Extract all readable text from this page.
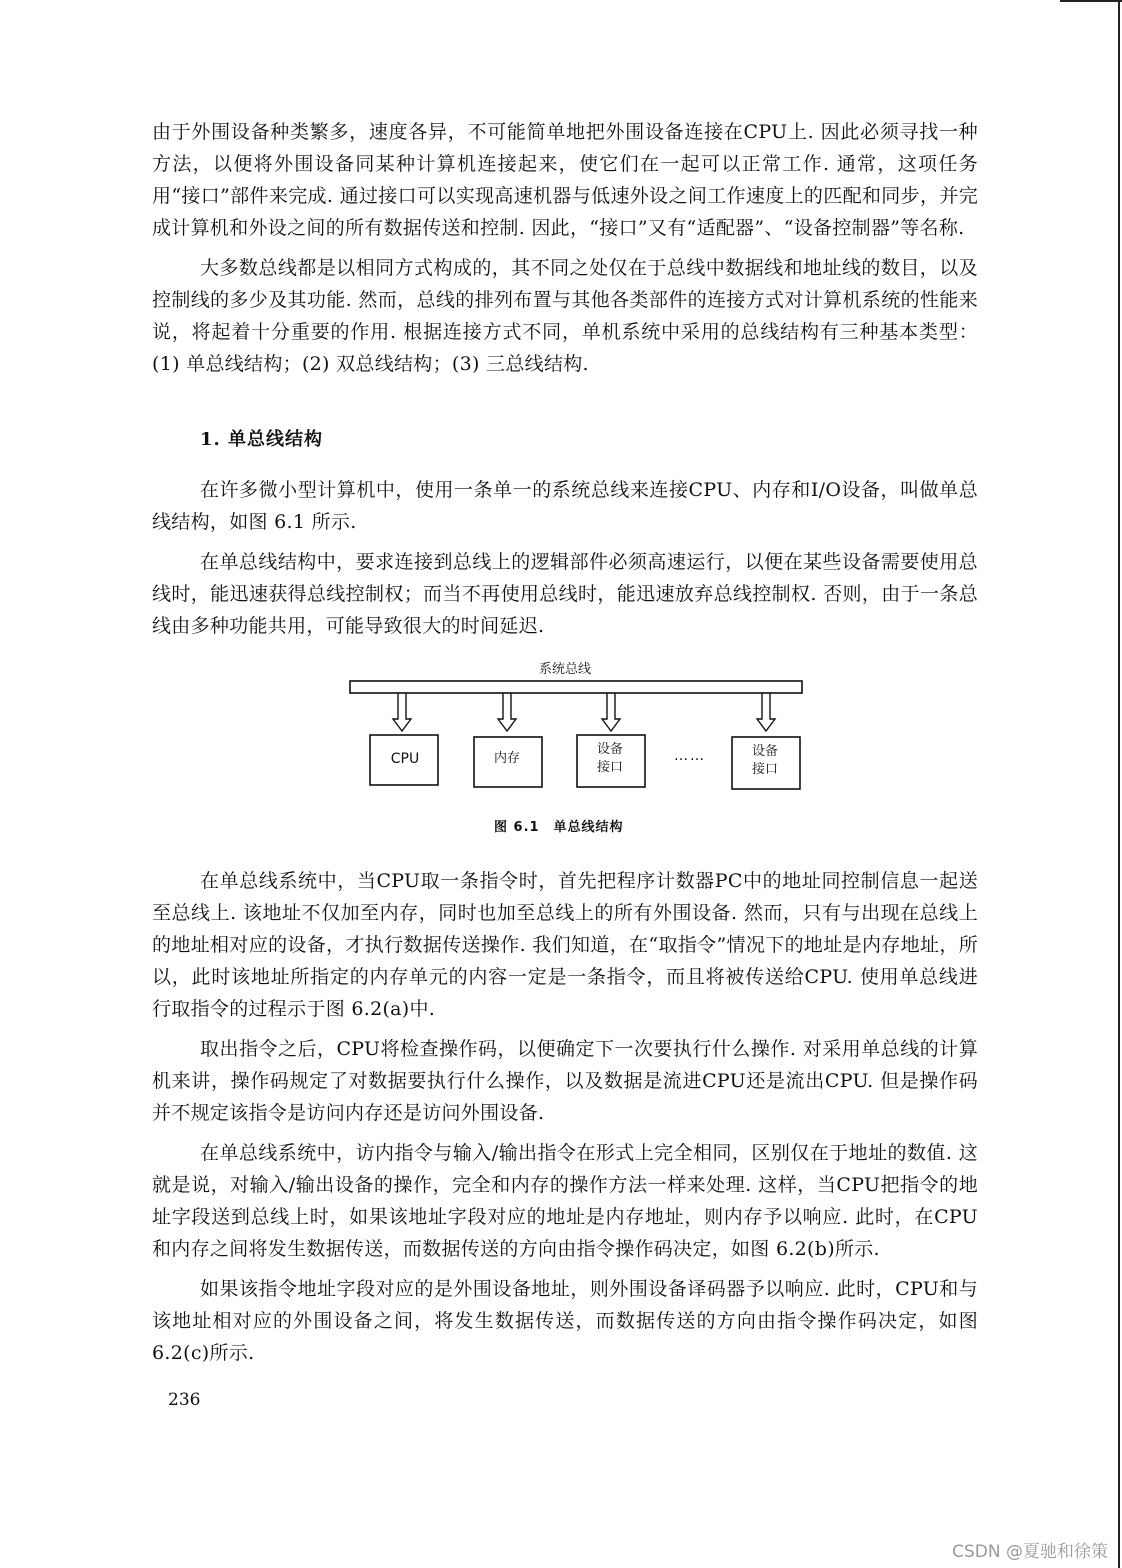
由于外围设备种类繁多，速度各异，不可能简单地把外围设备连接在CPU上. 因此必须寻找一种方法，以便将外围设备同某种计算机连接起来，使它们在一起可以正常工作. 通常，这项任务用“接口”部件来完成. 通过接口可以实现高速机器与低速外设之间工作速度上的匹配和同步，并完成计算机和外设之间的所有数据传送和控制. 因此，“接口”又有“适配器”、“设备控制器”等名称.

大多数总线都是以相同方式构成的，其不同之处仅在于总线中数据线和地址线的数目，以及控制线的多少及其功能. 然而，总线的排列布置与其他各类部件的连接方式对计算机系统的性能来说，将起着十分重要的作用. 根据连接方式不同，单机系统中采用的总线结构有三种基本类型：(1) 单总线结构；(2) 双总线结构；(3) 三总线结构.

1. 单总线结构

在许多微小型计算机中，使用一条单一的系统总线来连接CPU、内存和I/O设备，叫做单总线结构，如图 6.1 所示.

在单总线结构中，要求连接到总线上的逻辑部件必须高速运行，以便在某些设备需要使用总线时，能迅速获得总线控制权；而当不再使用总线时，能迅速放弃总线控制权. 否则，由于一条总线由多种功能共用，可能导致很大的时间延迟.

系统总线
CPU	内存
设备
接口
设备
接口
……
图 6.1　单总线结构

在单总线系统中，当CPU取一条指令时，首先把程序计数器PC中的地址同控制信息一起送至总线上. 该地址不仅加至内存，同时也加至总线上的所有外围设备. 然而，只有与出现在总线上的地址相对应的设备，才执行数据传送操作. 我们知道，在“取指令”情况下的地址是内存地址，所以，此时该地址所指定的内存单元的内容一定是一条指令，而且将被传送给CPU. 使用单总线进行取指令的过程示于图 6.2(a)中.

取出指令之后，CPU将检查操作码，以便确定下一次要执行什么操作. 对采用单总线的计算机来讲，操作码规定了对数据要执行什么操作，以及数据是流进CPU还是流出CPU. 但是操作码并不规定该指令是访问内存还是访问外围设备.

在单总线系统中，访内指令与输入/输出指令在形式上完全相同，区别仅在于地址的数值. 这就是说，对输入/输出设备的操作，完全和内存的操作方法一样来处理. 这样，当CPU把指令的地址字段送到总线上时，如果该地址字段对应的地址是内存地址，则内存予以响应. 此时，在CPU和内存之间将发生数据传送，而数据传送的方向由指令操作码决定，如图 6.2(b)所示.

如果该指令地址字段对应的是外围设备地址，则外围设备译码器予以响应. 此时，CPU和与该地址相对应的外围设备之间，将发生数据传送，而数据传送的方向由指令操作码决定，如图 6.2(c)所示.

236
CSDN @夏驰和徐策
